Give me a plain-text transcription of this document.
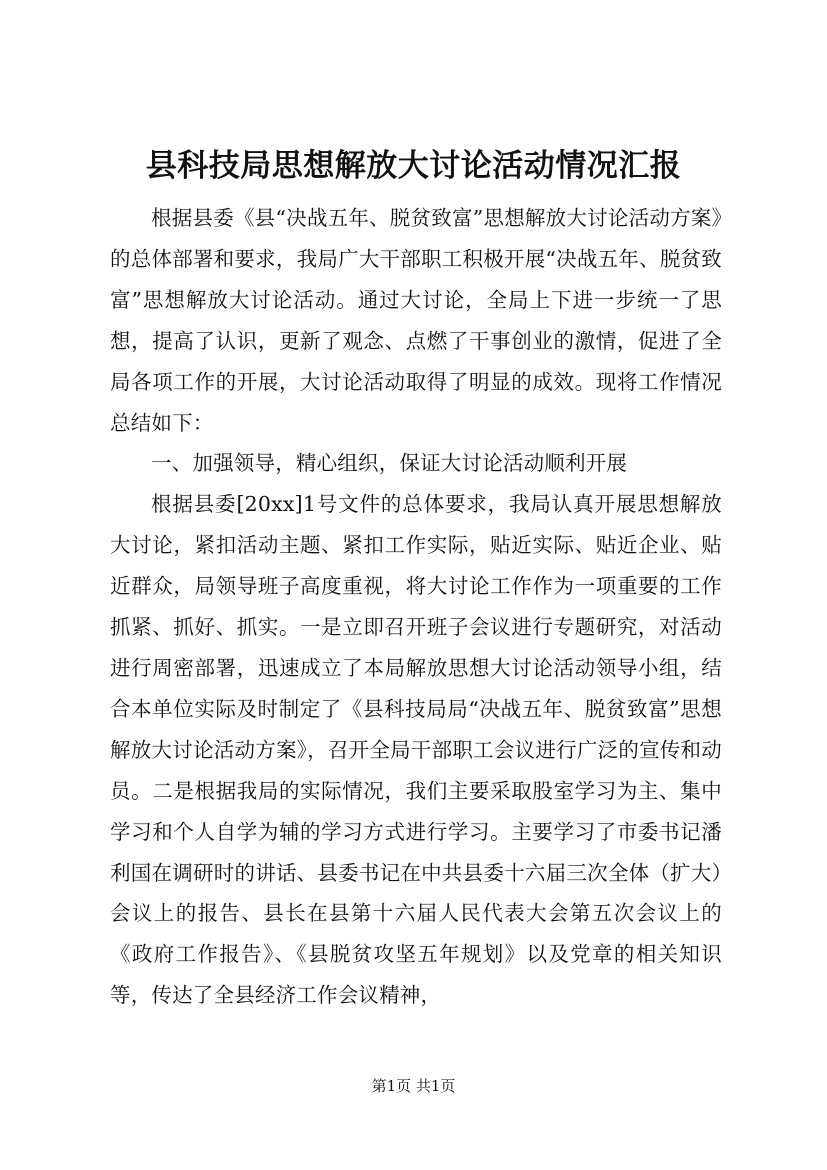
县科技局思想解放大讨论活动情况汇报

根据县委《县“决战五年、脱贫致富”思想解放大讨论活动方案》的总体部署和要求，我局广大干部职工积极开展“决战五年、脱贫致富”思想解放大讨论活动。通过大讨论，全局上下进一步统一了思想，提高了认识，更新了观念、点燃了干事创业的激情，促进了全局各项工作的开展，大讨论活动取得了明显的成效。现将工作情况总结如下：

一、加强领导，精心组织，保证大讨论活动顺利开展

根据县委[20xx]1号文件的总体要求，我局认真开展思想解放大讨论，紧扣活动主题、紧扣工作实际，贴近实际、贴近企业、贴近群众，局领导班子高度重视，将大讨论工作作为一项重要的工作抓紧、抓好、抓实。一是立即召开班子会议进行专题研究，对活动进行周密部署，迅速成立了本局解放思想大讨论活动领导小组，结合本单位实际及时制定了《县科技局局“决战五年、脱贫致富”思想解放大讨论活动方案》，召开全局干部职工会议进行广泛的宣传和动员。二是根据我局的实际情况，我们主要采取股室学习为主、集中学习和个人自学为辅的学习方式进行学习。主要学习了市委书记潘利国在调研时的讲话、县委书记在中共县委十六届三次全体（扩大）会议上的报告、县长在县第十六届人民代表大会第五次会议上的《政府工作报告》、《县脱贫攻坚五年规划》以及党章的相关知识等，传达了全县经济工作会议精神，

第1页 共1页
